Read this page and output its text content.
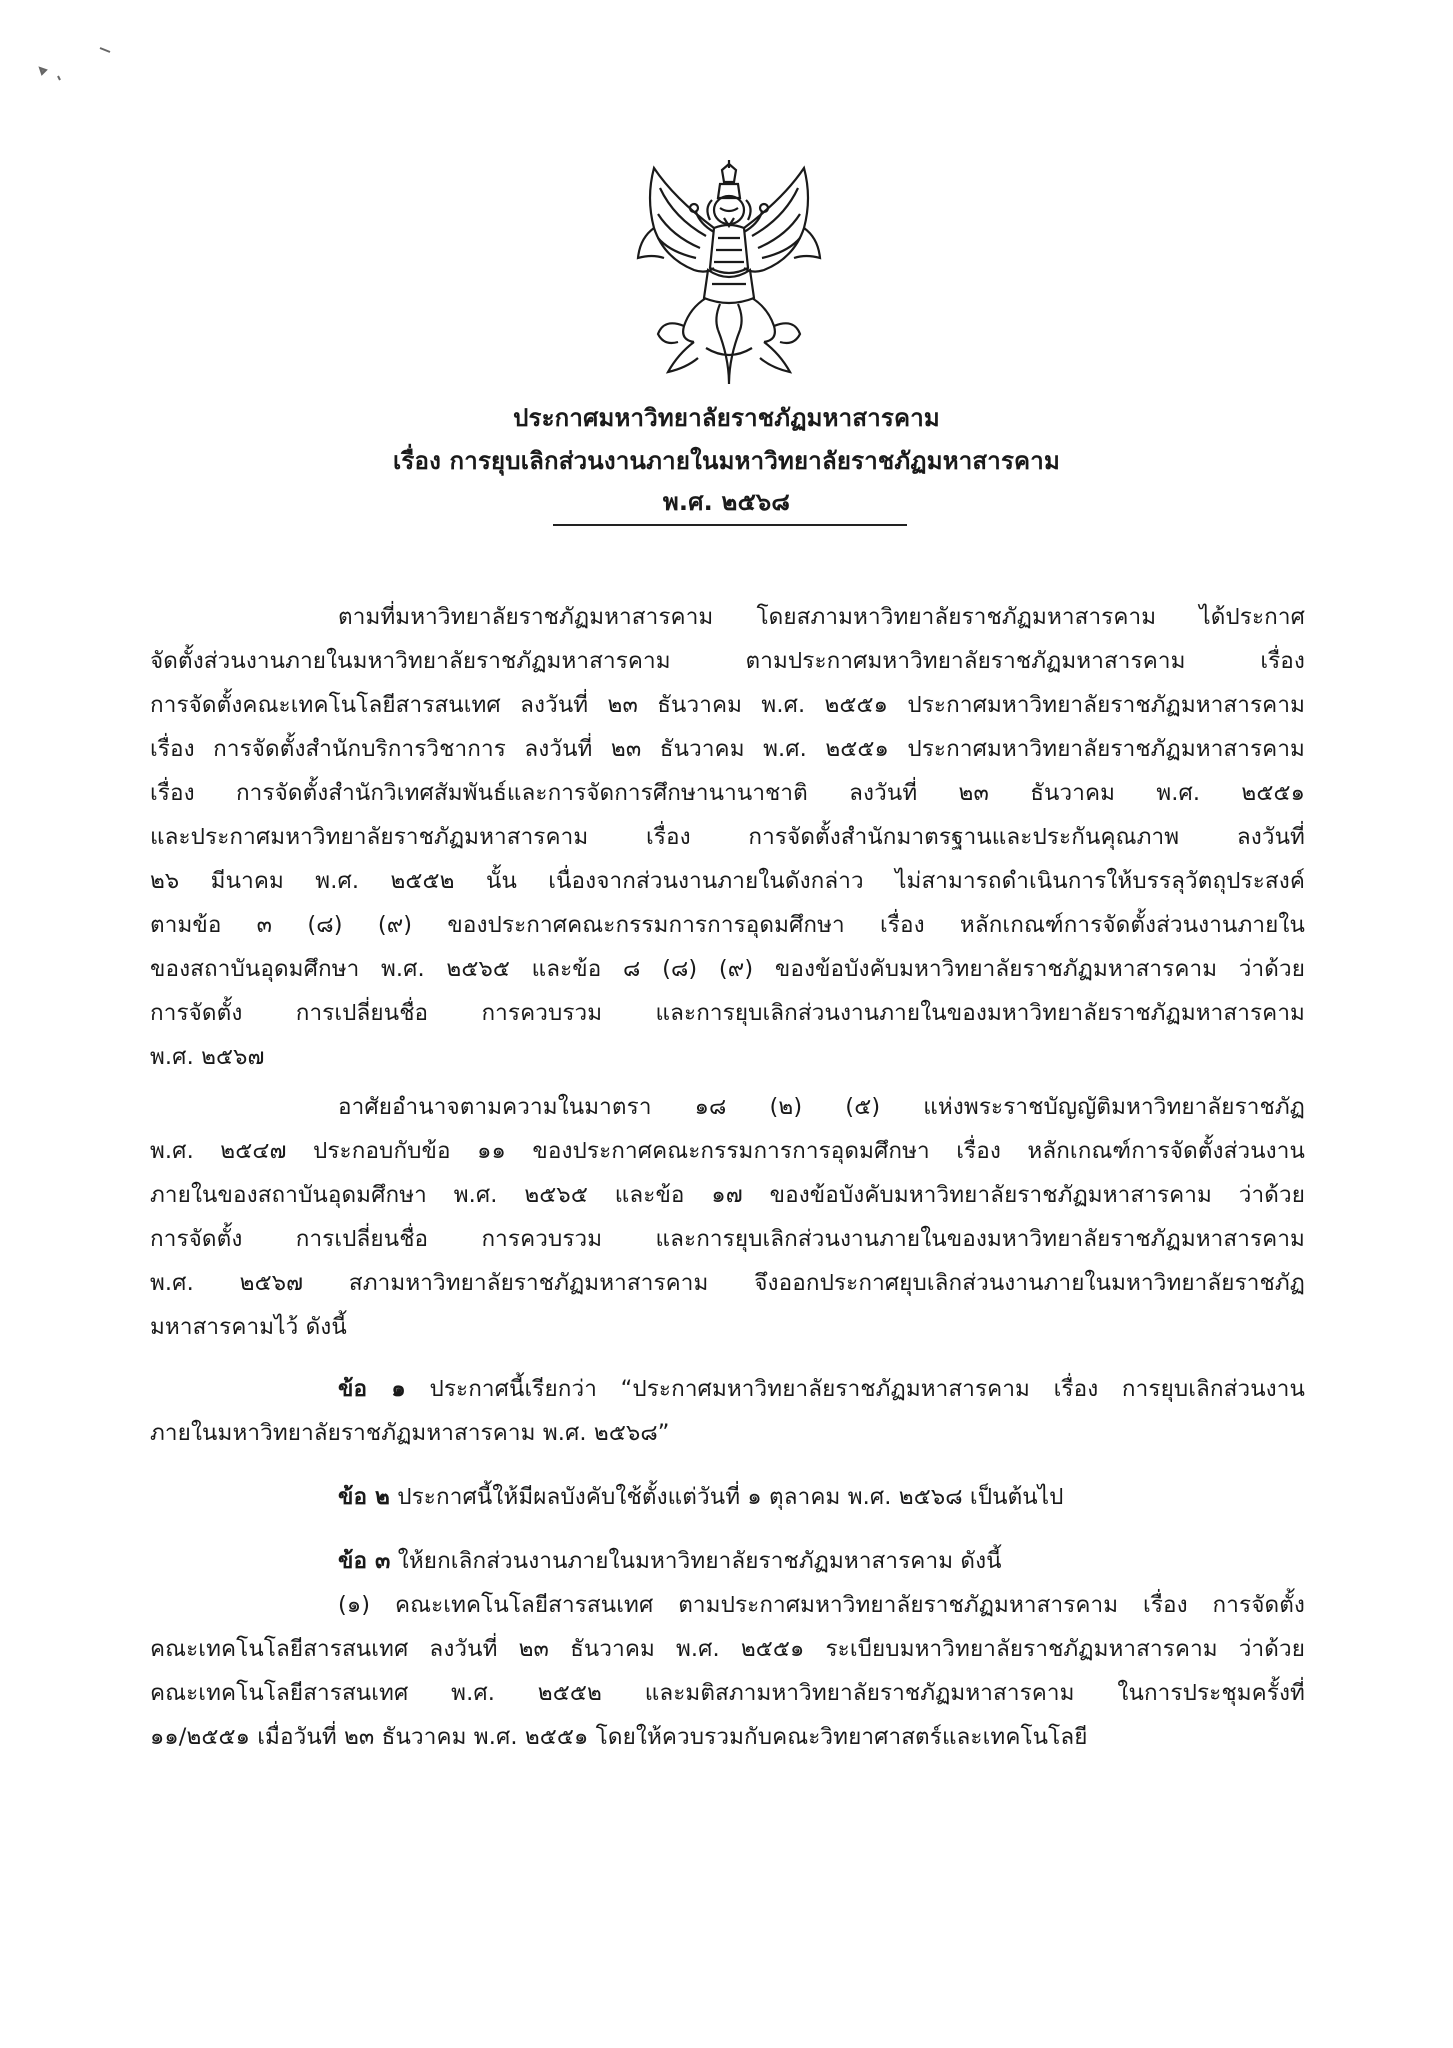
ประกาศมหาวิทยาลัยราชภัฏมหาสารคาม
เรื่อง การยุบเลิกส่วนงานภายในมหาวิทยาลัยราชภัฏมหาสารคาม
พ.ศ. ๒๕๖๘
ตามที่มหาวิทยาลัยราชภัฏมหาสารคาม โดยสภามหาวิทยาลัยราชภัฏมหาสารคาม ได้ประกาศ
จัดตั้งส่วนงานภายในมหาวิทยาลัยราชภัฏมหาสารคาม ตามประกาศมหาวิทยาลัยราชภัฏมหาสารคาม เรื่อง
การจัดตั้งคณะเทคโนโลยีสารสนเทศ ลงวันที่ ๒๓ ธันวาคม พ.ศ. ๒๕๕๑ ประกาศมหาวิทยาลัยราชภัฏมหาสารคาม
เรื่อง การจัดตั้งสำนักบริการวิชาการ ลงวันที่ ๒๓ ธันวาคม พ.ศ. ๒๕๕๑ ประกาศมหาวิทยาลัยราชภัฏมหาสารคาม
เรื่อง การจัดตั้งสำนักวิเทศสัมพันธ์และการจัดการศึกษานานาชาติ ลงวันที่ ๒๓ ธันวาคม พ.ศ. ๒๕๕๑
และประกาศมหาวิทยาลัยราชภัฏมหาสารคาม เรื่อง การจัดตั้งสำนักมาตรฐานและประกันคุณภาพ ลงวันที่
๒๖ มีนาคม พ.ศ. ๒๕๕๒ นั้น เนื่องจากส่วนงานภายในดังกล่าว ไม่สามารถดำเนินการให้บรรลุวัตถุประสงค์
ตามข้อ ๓ (๘) (๙) ของประกาศคณะกรรมการการอุดมศึกษา เรื่อง หลักเกณฑ์การจัดตั้งส่วนงานภายใน
ของสถาบันอุดมศึกษา พ.ศ. ๒๕๖๕ และข้อ ๘ (๘) (๙) ของข้อบังคับมหาวิทยาลัยราชภัฏมหาสารคาม ว่าด้วย
การจัดตั้ง การเปลี่ยนชื่อ การควบรวม และการยุบเลิกส่วนงานภายในของมหาวิทยาลัยราชภัฏมหาสารคาม
พ.ศ. ๒๕๖๗
อาศัยอำนาจตามความในมาตรา ๑๘ (๒) (๕) แห่งพระราชบัญญัติมหาวิทยาลัยราชภัฏ
พ.ศ. ๒๕๔๗ ประกอบกับข้อ ๑๑ ของประกาศคณะกรรมการการอุดมศึกษา เรื่อง หลักเกณฑ์การจัดตั้งส่วนงาน
ภายในของสถาบันอุดมศึกษา พ.ศ. ๒๕๖๕ และข้อ ๑๗ ของข้อบังคับมหาวิทยาลัยราชภัฏมหาสารคาม ว่าด้วย
การจัดตั้ง การเปลี่ยนชื่อ การควบรวม และการยุบเลิกส่วนงานภายในของมหาวิทยาลัยราชภัฏมหาสารคาม
พ.ศ. ๒๕๖๗ สภามหาวิทยาลัยราชภัฏมหาสารคาม จึงออกประกาศยุบเลิกส่วนงานภายในมหาวิทยาลัยราชภัฏ
มหาสารคามไว้ ดังนี้
ข้อ ๑ ประกาศนี้เรียกว่า “ประกาศมหาวิทยาลัยราชภัฏมหาสารคาม เรื่อง การยุบเลิกส่วนงาน
ภายในมหาวิทยาลัยราชภัฏมหาสารคาม พ.ศ. ๒๕๖๘”
ข้อ ๒ ประกาศนี้ให้มีผลบังคับใช้ตั้งแต่วันที่ ๑ ตุลาคม พ.ศ. ๒๕๖๘ เป็นต้นไป
ข้อ ๓ ให้ยกเลิกส่วนงานภายในมหาวิทยาลัยราชภัฏมหาสารคาม ดังนี้
(๑) คณะเทคโนโลยีสารสนเทศ ตามประกาศมหาวิทยาลัยราชภัฏมหาสารคาม เรื่อง การจัดตั้ง
คณะเทคโนโลยีสารสนเทศ ลงวันที่ ๒๓ ธันวาคม พ.ศ. ๒๕๕๑ ระเบียบมหาวิทยาลัยราชภัฏมหาสารคาม ว่าด้วย
คณะเทคโนโลยีสารสนเทศ พ.ศ. ๒๕๕๒ และมติสภามหาวิทยาลัยราชภัฏมหาสารคาม ในการประชุมครั้งที่
๑๑/๒๕๕๑ เมื่อวันที่ ๒๓ ธันวาคม พ.ศ. ๒๕๕๑ โดยให้ควบรวมกับคณะวิทยาศาสตร์และเทคโนโลยี
